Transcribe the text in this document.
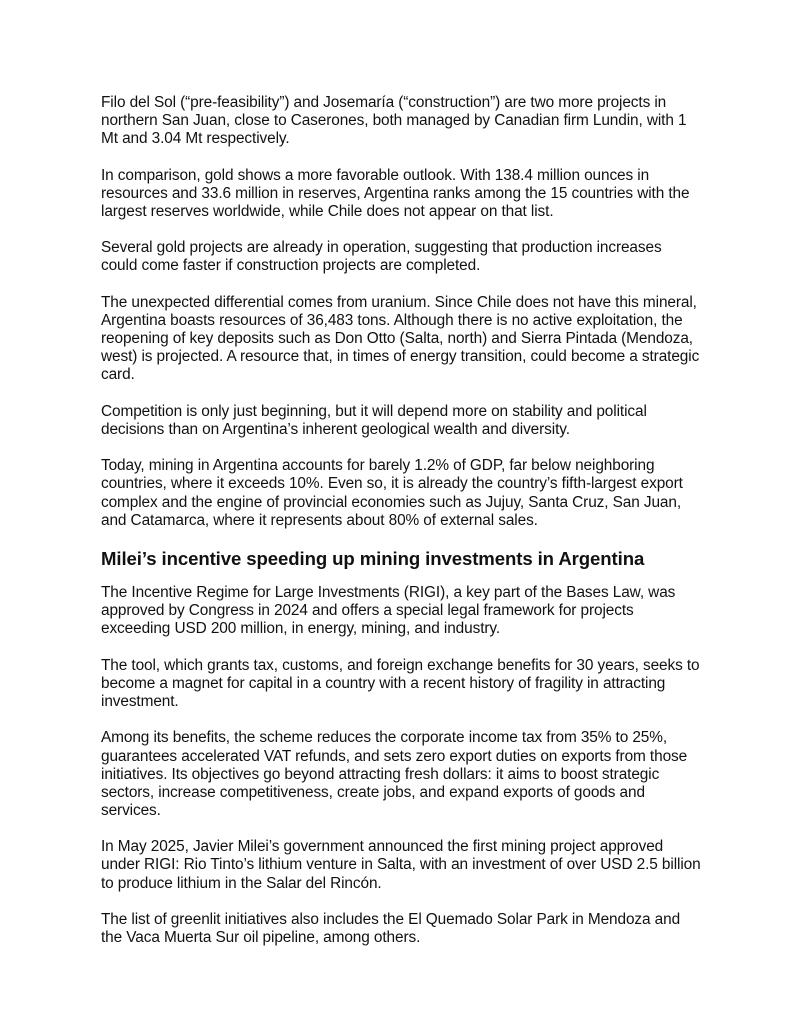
Filo del Sol (“pre-feasibility”) and Josemaría (“construction”) are two more projects in northern San Juan, close to Caserones, both managed by Canadian firm Lundin, with 1 Mt and 3.04 Mt respectively.

In comparison, gold shows a more favorable outlook. With 138.4 million ounces in resources and 33.6 million in reserves, Argentina ranks among the 15 countries with the largest reserves worldwide, while Chile does not appear on that list.

Several gold projects are already in operation, suggesting that production increases could come faster if construction projects are completed.

The unexpected differential comes from uranium. Since Chile does not have this mineral, Argentina boasts resources of 36,483 tons. Although there is no active exploitation, the reopening of key deposits such as Don Otto (Salta, north) and Sierra Pintada (Mendoza, west) is projected. A resource that, in times of energy transition, could become a strategic card.

Competition is only just beginning, but it will depend more on stability and political decisions than on Argentina’s inherent geological wealth and diversity.

Today, mining in Argentina accounts for barely 1.2% of GDP, far below neighboring countries, where it exceeds 10%. Even so, it is already the country’s fifth-largest export complex and the engine of provincial economies such as Jujuy, Santa Cruz, San Juan, and Catamarca, where it represents about 80% of external sales.

Milei’s incentive speeding up mining investments in Argentina

The Incentive Regime for Large Investments (RIGI), a key part of the Bases Law, was approved by Congress in 2024 and offers a special legal framework for projects exceeding USD 200 million, in energy, mining, and industry.

The tool, which grants tax, customs, and foreign exchange benefits for 30 years, seeks to become a magnet for capital in a country with a recent history of fragility in attracting investment.

Among its benefits, the scheme reduces the corporate income tax from 35% to 25%, guarantees accelerated VAT refunds, and sets zero export duties on exports from those initiatives. Its objectives go beyond attracting fresh dollars: it aims to boost strategic sectors, increase competitiveness, create jobs, and expand exports of goods and services.

In May 2025, Javier Milei’s government announced the first mining project approved under RIGI: Rio Tinto’s lithium venture in Salta, with an investment of over USD 2.5 billion to produce lithium in the Salar del Rincón.

The list of greenlit initiatives also includes the El Quemado Solar Park in Mendoza and the Vaca Muerta Sur oil pipeline, among others.
